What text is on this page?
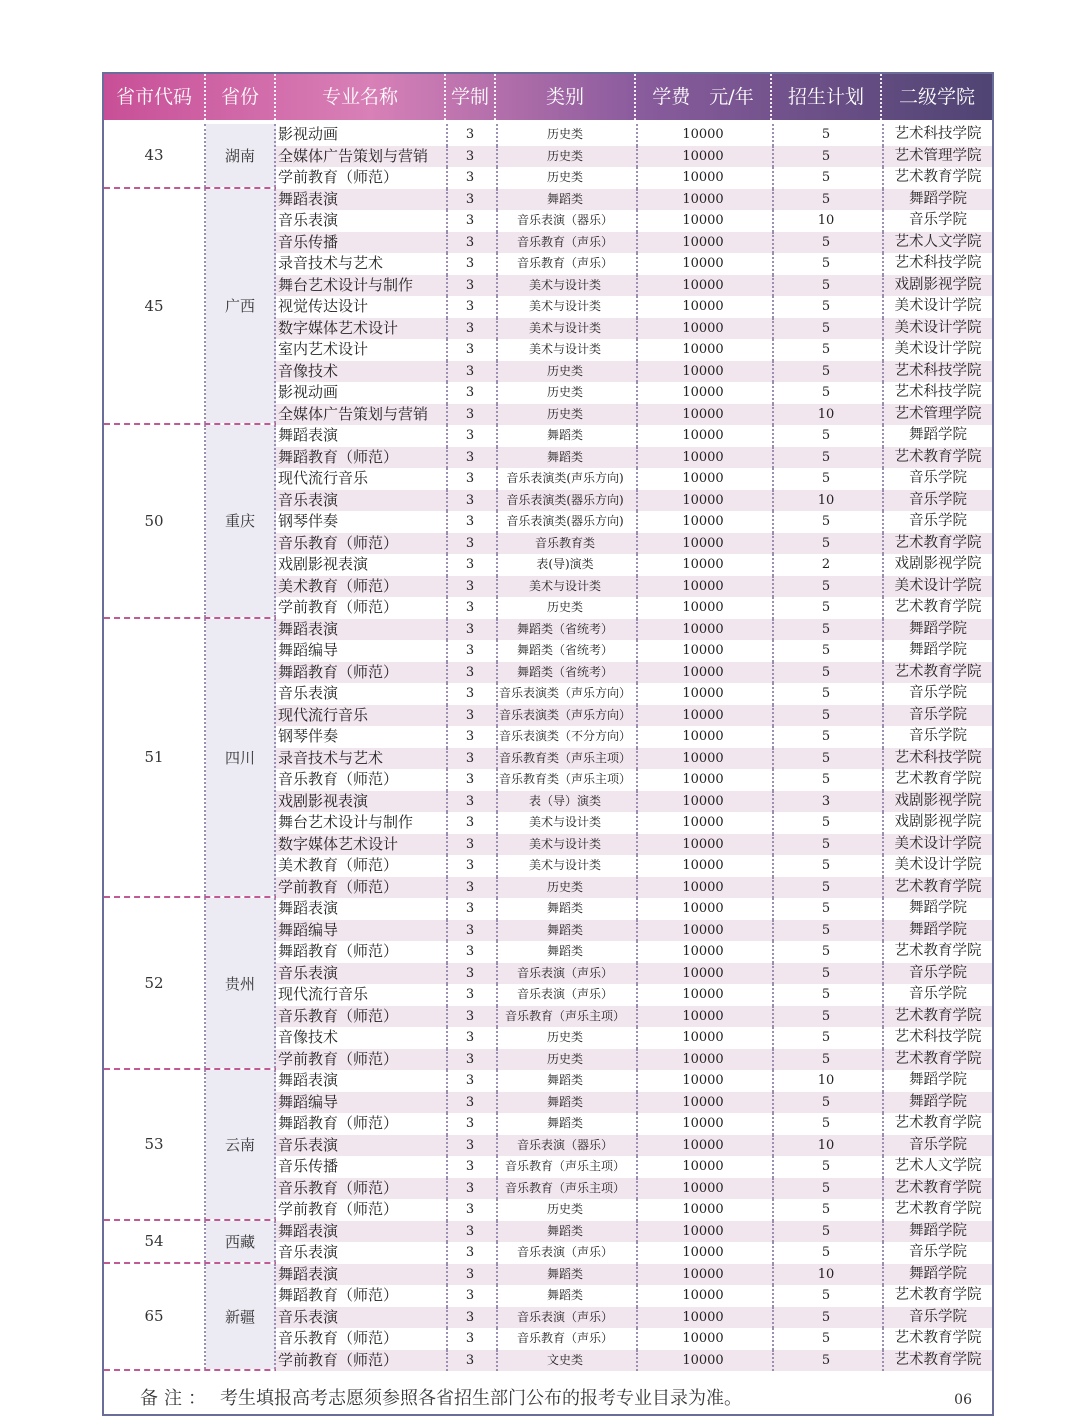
省市代码	省份	专业名称	学制	类别	学费　元/年	招生计划	二级学院
43	湖南
影视动画	3	历史类	10000	5	艺术科技学院
全媒体广告策划与营销	3	历史类	10000	5	艺术管理学院
学前教育（师范）	3	历史类	10000	5	艺术教育学院
45	广西
舞蹈表演	3	舞蹈类	10000	5	舞蹈学院
音乐表演	3	音乐表演（器乐）	10000	10	音乐学院
音乐传播	3	音乐教育（声乐）	10000	5	艺术人文学院
录音技术与艺术	3	音乐教育（声乐）	10000	5	艺术科技学院
舞台艺术设计与制作	3	美术与设计类	10000	5	戏剧影视学院
视觉传达设计	3	美术与设计类	10000	5	美术设计学院
数字媒体艺术设计	3	美术与设计类	10000	5	美术设计学院
室内艺术设计	3	美术与设计类	10000	5	美术设计学院
音像技术	3	历史类	10000	5	艺术科技学院
影视动画	3	历史类	10000	5	艺术科技学院
全媒体广告策划与营销	3	历史类	10000	10	艺术管理学院
50	重庆
舞蹈表演	3	舞蹈类	10000	5	舞蹈学院
舞蹈教育（师范）	3	舞蹈类	10000	5	艺术教育学院
现代流行音乐	3	音乐表演类(声乐方向)	10000	5	音乐学院
音乐表演	3	音乐表演类(器乐方向)	10000	10	音乐学院
钢琴伴奏	3	音乐表演类(器乐方向)	10000	5	音乐学院
音乐教育（师范）	3	音乐教育类	10000	5	艺术教育学院
戏剧影视表演	3	表(导)演类	10000	2	戏剧影视学院
美术教育（师范）	3	美术与设计类	10000	5	美术设计学院
学前教育（师范）	3	历史类	10000	5	艺术教育学院
51	四川
舞蹈表演	3	舞蹈类（省统考）	10000	5	舞蹈学院
舞蹈编导	3	舞蹈类（省统考）	10000	5	舞蹈学院
舞蹈教育（师范）	3	舞蹈类（省统考）	10000	5	艺术教育学院
音乐表演	3	音乐表演类（声乐方向）	10000	5	音乐学院
现代流行音乐	3	音乐表演类（声乐方向）	10000	5	音乐学院
钢琴伴奏	3	音乐表演类（不分方向）	10000	5	音乐学院
录音技术与艺术	3	音乐教育类（声乐主项）	10000	5	艺术科技学院
音乐教育（师范）	3	音乐教育类（声乐主项）	10000	5	艺术教育学院
戏剧影视表演	3	表（导）演类	10000	3	戏剧影视学院
舞台艺术设计与制作	3	美术与设计类	10000	5	戏剧影视学院
数字媒体艺术设计	3	美术与设计类	10000	5	美术设计学院
美术教育（师范）	3	美术与设计类	10000	5	美术设计学院
学前教育（师范）	3	历史类	10000	5	艺术教育学院
52	贵州
舞蹈表演	3	舞蹈类	10000	5	舞蹈学院
舞蹈编导	3	舞蹈类	10000	5	舞蹈学院
舞蹈教育（师范）	3	舞蹈类	10000	5	艺术教育学院
音乐表演	3	音乐表演（声乐）	10000	5	音乐学院
现代流行音乐	3	音乐表演（声乐）	10000	5	音乐学院
音乐教育（师范）	3	音乐教育（声乐主项）	10000	5	艺术教育学院
音像技术	3	历史类	10000	5	艺术科技学院
学前教育（师范）	3	历史类	10000	5	艺术教育学院
53	云南
舞蹈表演	3	舞蹈类	10000	10	舞蹈学院
舞蹈编导	3	舞蹈类	10000	5	舞蹈学院
舞蹈教育（师范）	3	舞蹈类	10000	5	艺术教育学院
音乐表演	3	音乐表演（器乐）	10000	10	音乐学院
音乐传播	3	音乐教育（声乐主项）	10000	5	艺术人文学院
音乐教育（师范）	3	音乐教育（声乐主项）	10000	5	艺术教育学院
学前教育（师范）	3	历史类	10000	5	艺术教育学院
54	西藏
舞蹈表演	3	舞蹈类	10000	5	舞蹈学院
音乐表演	3	音乐表演（声乐）	10000	5	音乐学院
65	新疆
舞蹈表演	3	舞蹈类	10000	10	舞蹈学院
舞蹈教育（师范）	3	舞蹈类	10000	5	艺术教育学院
音乐表演	3	音乐表演（声乐）	10000	5	音乐学院
音乐教育（师范）	3	音乐教育（声乐）	10000	5	艺术教育学院
学前教育（师范）	3	文史类	10000	5	艺术教育学院
备注： 考生填报高考志愿须参照各省招生部门公布的报考专业目录为准。	06
